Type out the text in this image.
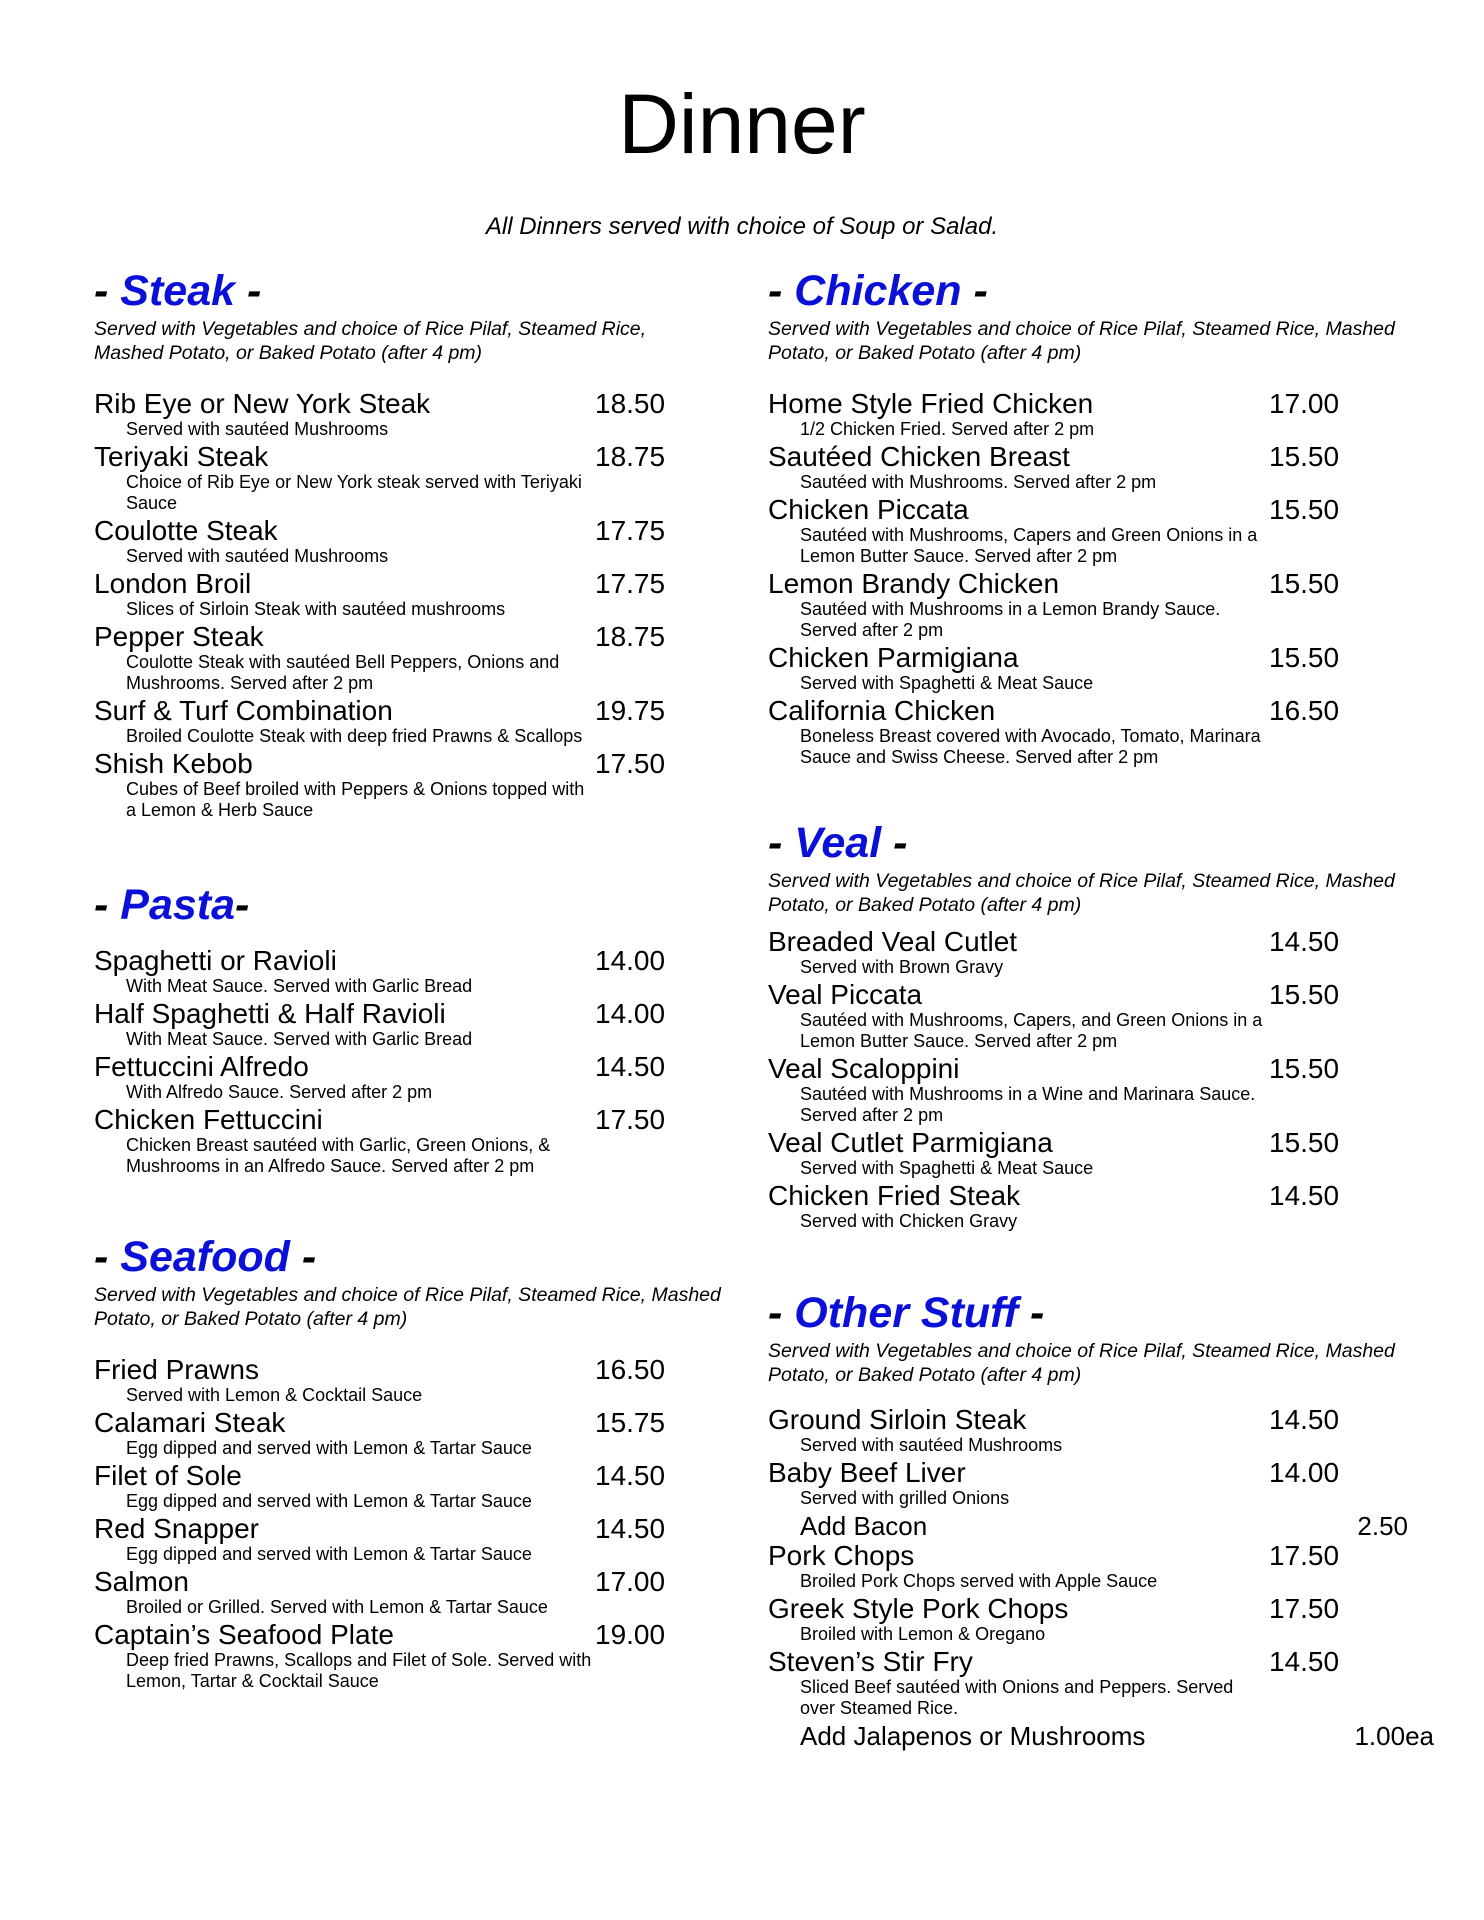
Dinner
All Dinners served with choice of Soup or Salad.
- Steak -
Served with Vegetables and choice of Rice Pilaf, Steamed Rice, Mashed Potato, or Baked Potato (after 4 pm)
Rib Eye or New York Steak	18.50
Served with sautéed Mushrooms
Teriyaki Steak	18.75
Choice of Rib Eye or New York steak served with Teriyaki Sauce
Coulotte Steak	17.75
Served with sautéed Mushrooms
London Broil	17.75
Slices of Sirloin Steak with sautéed mushrooms
Pepper Steak	18.75
Coulotte Steak with sautéed Bell Peppers, Onions and Mushrooms. Served after 2 pm
Surf & Turf Combination	19.75
Broiled Coulotte Steak with deep fried Prawns & Scallops
Shish Kebob	17.50
Cubes of Beef broiled with Peppers & Onions topped with a Lemon & Herb Sauce
- Pasta-
Spaghetti or Ravioli	14.00
With Meat Sauce. Served with Garlic Bread
Half Spaghetti & Half Ravioli	14.00
With Meat Sauce. Served with Garlic Bread
Fettuccini Alfredo	14.50
With Alfredo Sauce. Served after 2 pm
Chicken Fettuccini	17.50
Chicken Breast sautéed with Garlic, Green Onions, & Mushrooms in an Alfredo Sauce. Served after 2 pm
- Seafood -
Served with Vegetables and choice of Rice Pilaf, Steamed Rice, Mashed Potato, or Baked Potato (after 4 pm)
Fried Prawns	16.50
Served with Lemon & Cocktail Sauce
Calamari Steak	15.75
Egg dipped and served with Lemon & Tartar Sauce
Filet of Sole	14.50
Egg dipped and served with Lemon & Tartar Sauce
Red Snapper	14.50
Egg dipped and served with Lemon & Tartar Sauce
Salmon	17.00
Broiled or Grilled. Served with Lemon & Tartar Sauce
Captain’s Seafood Plate	19.00
Deep fried Prawns, Scallops and Filet of Sole. Served with Lemon, Tartar & Cocktail Sauce
- Chicken -
Served with Vegetables and choice of Rice Pilaf, Steamed Rice, Mashed Potato, or Baked Potato (after 4 pm)
Home Style Fried Chicken	17.00
1/2 Chicken Fried. Served after 2 pm
Sautéed Chicken Breast	15.50
Sautéed with Mushrooms. Served after 2 pm
Chicken Piccata	15.50
Sautéed with Mushrooms, Capers and Green Onions in a Lemon Butter Sauce. Served after 2 pm
Lemon Brandy Chicken	15.50
Sautéed with Mushrooms in a Lemon Brandy Sauce. Served after 2 pm
Chicken Parmigiana	15.50
Served with Spaghetti & Meat Sauce
California Chicken	16.50
Boneless Breast covered with Avocado, Tomato, Marinara Sauce and Swiss Cheese. Served after 2 pm
- Veal -
Served with Vegetables and choice of Rice Pilaf, Steamed Rice, Mashed Potato, or Baked Potato (after 4 pm)
Breaded Veal Cutlet	14.50
Served with Brown Gravy
Veal Piccata	15.50
Sautéed with Mushrooms, Capers, and Green Onions in a Lemon Butter Sauce. Served after 2 pm
Veal Scaloppini	15.50
Sautéed with Mushrooms in a Wine and Marinara Sauce. Served after 2 pm
Veal Cutlet Parmigiana	15.50
Served with Spaghetti & Meat Sauce
Chicken Fried Steak	14.50
Served with Chicken Gravy
- Other Stuff -
Served with Vegetables and choice of Rice Pilaf, Steamed Rice, Mashed Potato, or Baked Potato (after 4 pm)
Ground Sirloin Steak	14.50
Served with sautéed Mushrooms
Baby Beef Liver	14.00
Served with grilled Onions
Add Bacon	2.50
Pork Chops	17.50
Broiled Pork Chops served with Apple Sauce
Greek Style Pork Chops	17.50
Broiled with Lemon & Oregano
Steven’s Stir Fry	14.50
Sliced Beef sautéed with Onions and Peppers. Served over Steamed Rice.
Add Jalapenos or Mushrooms	1.00ea
